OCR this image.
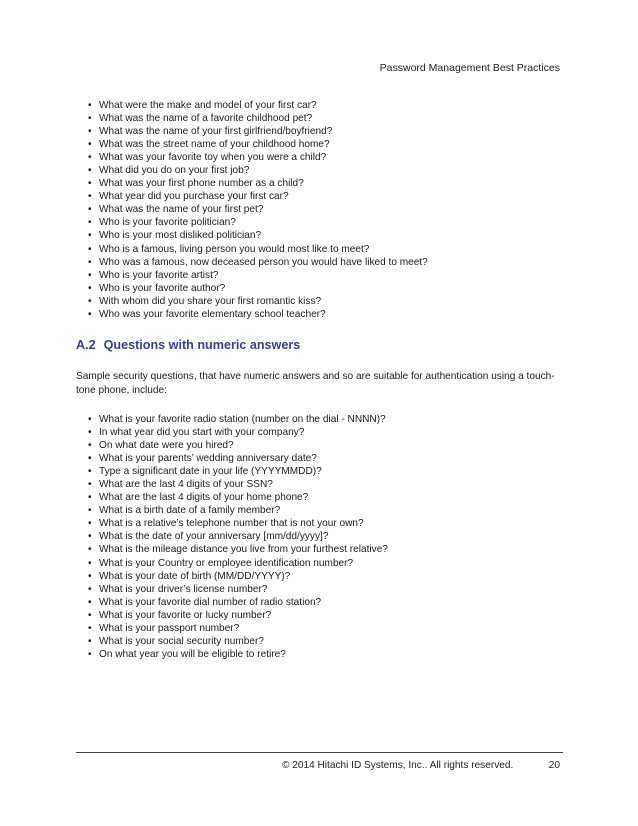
Password Management Best Practices
• What were the make and model of your first car?
• What was the name of a favorite childhood pet?
• What was the name of your first girlfriend/boyfriend?
• What was the street name of your childhood home?
• What was your favorite toy when you were a child?
• What did you do on your first job?
• What was your first phone number as a child?
• What year did you purchase your first car?
• What was the name of your first pet?
• Who is your favorite politician?
• Who is your most disliked politician?
• Who is a famous, living person you would most like to meet?
• Who was a famous, now deceased person you would have liked to meet?
• Who is your favorite artist?
• Who is your favorite author?
• With whom did you share your first romantic kiss?
• Who was your favorite elementary school teacher?
A.2 Questions with numeric answers

Sample security questions, that have numeric answers and so are suitable for authentication using a touch-tone phone, include:

• What is your favorite radio station (number on the dial - NNNN)?
• In what year did you start with your company?
• On what date were you hired?
• What is your parents’ wedding anniversary date?
• Type a significant date in your life (YYYYMMDD)?
• What are the last 4 digits of your SSN?
• What are the last 4 digits of your home phone?
• What is a birth date of a family member?
• What is a relative’s telephone number that is not your own?
• What is the date of your anniversary [mm/dd/yyyy]?
• What is the mileage distance you live from your furthest relative?
• What is your Country or employee identification number?
• What is your date of birth (MM/DD/YYYY)?
• What is your driver’s license number?
• What is your favorite dial number of radio station?
• What is your favorite or lucky number?
• What is your passport number?
• What is your social security number?
• On what year you will be eligible to retire?
© 2014 Hitachi ID Systems, Inc.. All rights reserved.	20
